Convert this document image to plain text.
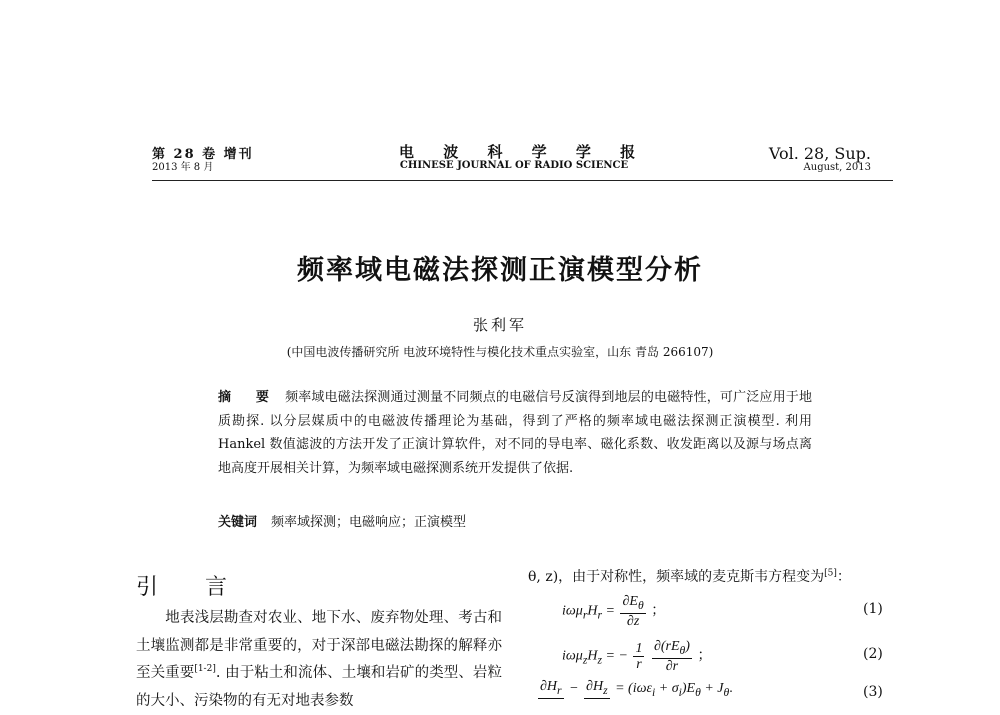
第 28 卷 增刊
2013 年 8 月
电 波 科 学 学 报
CHINESE JOURNAL OF RADIO SCIENCE
Vol. 28, Sup.
August, 2013
频率域电磁法探测正演模型分析
张利军
(中国电波传播研究所 电波环境特性与模化技术重点实验室，山东 青岛 266107)
摘 要 频率域电磁法探测通过测量不同频点的电磁信号反演得到地层的电磁特性，可广泛应用于地质勘探. 以分层媒质中的电磁波传播理论为基础，得到了严格的频率域电磁法探测正演模型. 利用 Hankel 数值滤波的方法开发了正演计算软件，对不同的导电率、磁化系数、收发距离以及源与场点离地高度开展相关计算，为频率域电磁探测系统开发提供了依据.
关键词 频率域探测；电磁响应；正演模型
引 言
　　地表浅层勘查对农业、地下水、废弃物处理、考古和土壤监测都是非常重要的，对于深部电磁法勘探的解释亦至关重要[1-2]. 由于粘土和流体、土壤和岩矿的类型、岩粒的大小、污染物的有无对地表参数
θ, z)，由于对称性，频率域的麦克斯韦方程变为[5]：
$i\omega\mu_rH_r = \frac{\partial E_\theta}{\partial z}$ ；	(1)
$i\omega\mu_zH_z$ = − $\frac{1}{r}$
$\frac{\partial(rE_\theta)}{\partial r}$ ；	(2)
$\partial H_r - \partial H_z = (i\omega\varepsilon_i + \sigma_i)E_\theta + J_\theta$.	(3)
